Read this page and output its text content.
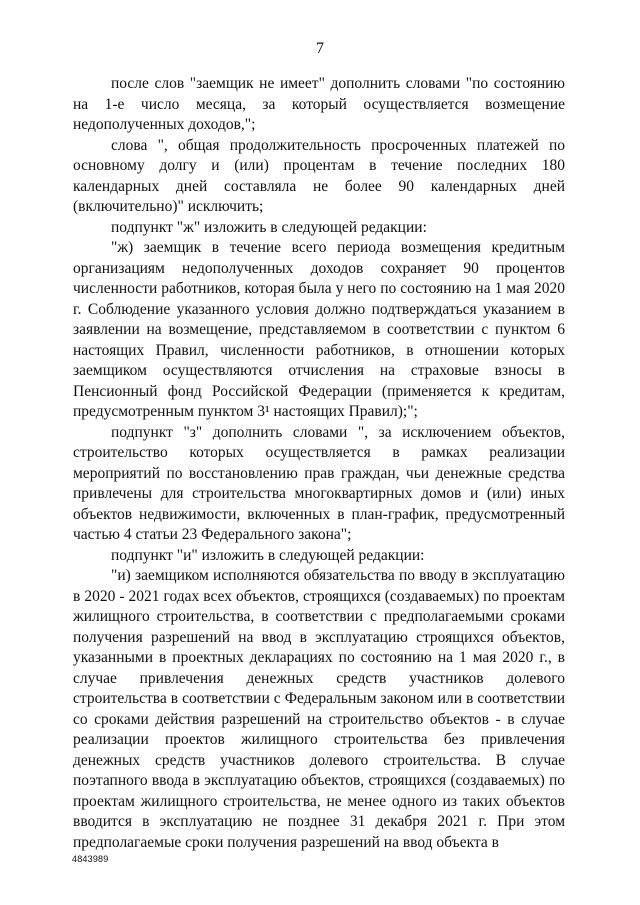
7

после слов "заемщик не имеет" дополнить словами "по состоянию на 1-е число месяца, за который осуществляется возмещение недополученных доходов,";

слова ", общая продолжительность просроченных платежей по основному долгу и (или) процентам в течение последних 180 календарных дней составляла не более 90 календарных дней (включительно)" исключить;

подпункт "ж" изложить в следующей редакции:

"ж) заемщик в течение всего периода возмещения кредитным организациям недополученных доходов сохраняет 90 процентов численности работников, которая была у него по состоянию на 1 мая 2020 г. Соблюдение указанного условия должно подтверждаться указанием в заявлении на возмещение, представляемом в соответствии с пунктом 6 настоящих Правил, численности работников, в отношении которых заемщиком осуществляются отчисления на страховые взносы в Пенсионный фонд Российской Федерации (применяется к кредитам, предусмотренным пунктом 3¹ настоящих Правил);";

подпункт "з" дополнить словами ", за исключением объектов, строительство которых осуществляется в рамках реализации мероприятий по восстановлению прав граждан, чьи денежные средства привлечены для строительства многоквартирных домов и (или) иных объектов недвижимости, включенных в план-график, предусмотренный частью 4 статьи 23 Федерального закона";

подпункт "и" изложить в следующей редакции:

"и) заемщиком исполняются обязательства по вводу в эксплуатацию в 2020 - 2021 годах всех объектов, строящихся (создаваемых) по проектам жилищного строительства, в соответствии с предполагаемыми сроками получения разрешений на ввод в эксплуатацию строящихся объектов, указанными в проектных декларациях по состоянию на 1 мая 2020 г., в случае привлечения денежных средств участников долевого строительства в соответствии с Федеральным законом или в соответствии со сроками действия разрешений на строительство объектов - в случае реализации проектов жилищного строительства без привлечения денежных средств участников долевого строительства. В случае поэтапного ввода в эксплуатацию объектов, строящихся (создаваемых) по проектам жилищного строительства, не менее одного из таких объектов вводится в эксплуатацию не позднее 31 декабря 2021 г. При этом предполагаемые сроки получения разрешений на ввод объекта в

4843989
